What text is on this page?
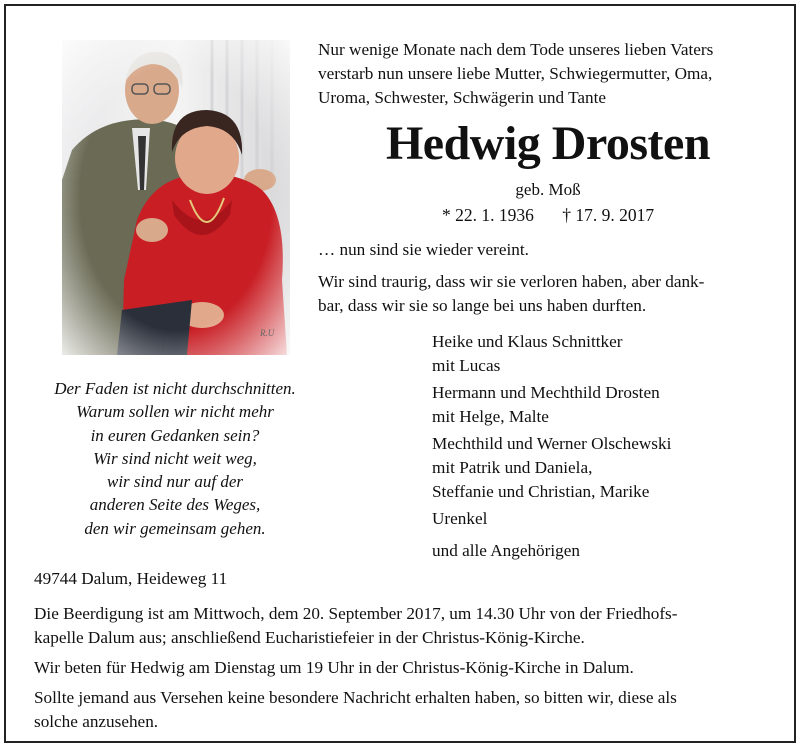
R.U
Nur wenige Monate nach dem Tode unseres lieben Vaters
verstarb nun unsere liebe Mutter, Schwiegermutter, Oma,
Uroma, Schwester, Schwägerin und Tante
Hedwig Drosten
geb. Moß
* 22. 1. 1936 † 17. 9. 2017
… nun sind sie wieder vereint.
Wir sind traurig, dass wir sie verloren haben, aber dank-
bar, dass wir sie so lange bei uns haben durften.
Der Faden ist nicht durchschnitten.
Warum sollen wir nicht mehr
in euren Gedanken sein?
Wir sind nicht weit weg,
wir sind nur auf der
anderen Seite des Weges,
den wir gemeinsam gehen.
Heike und Klaus Schnittker
mit Lucas
Hermann und Mechthild Drosten
mit Helge, Malte
Mechthild und Werner Olschewski
mit Patrik und Daniela,
Steffanie und Christian, Marike
Urenkel
und alle Angehörigen
49744 Dalum, Heideweg 11

Die Beerdigung ist am Mittwoch, dem 20. September 2017, um 14.30 Uhr von der Friedhofs-
kapelle Dalum aus; anschließend Eucharistiefeier in der Christus-König-Kirche.

Wir beten für Hedwig am Dienstag um 19 Uhr in der Christus-König-Kirche in Dalum.

Sollte jemand aus Versehen keine besondere Nachricht erhalten haben, so bitten wir, diese als
solche anzusehen.
